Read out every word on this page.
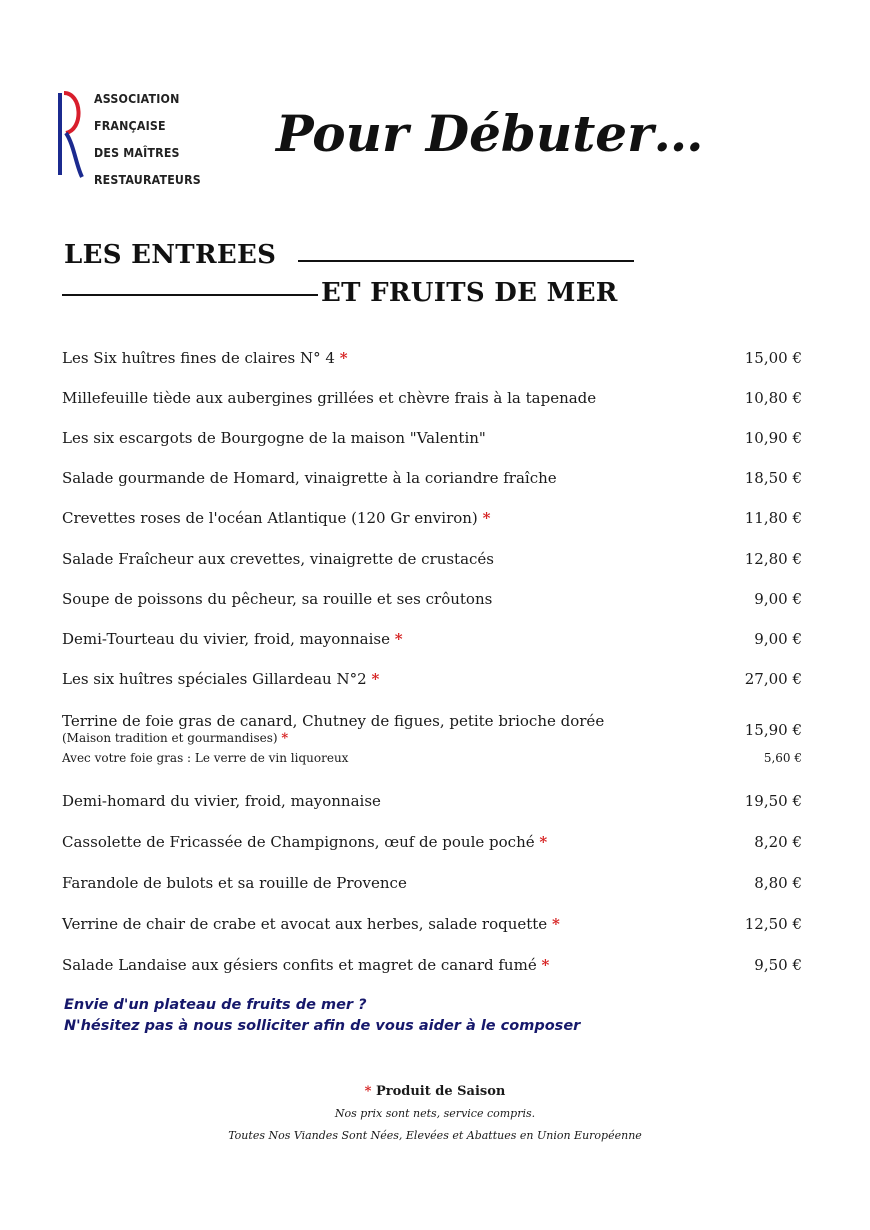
ASSOCIATION
FRANÇAISE
DES MAÎTRES
RESTAURATEURS
Pour Débuter…
LES ENTREES
ET FRUITS DE MER
Les Six huîtres fines de claires N° 4 *	15,00 €
Millefeuille tiède aux aubergines grillées et chèvre frais à la tapenade	10,80 €
Les six escargots de Bourgogne de la maison "Valentin"	10,90 €
Salade gourmande de Homard, vinaigrette à la coriandre fraîche	18,50 €
Crevettes roses de l'océan Atlantique (120 Gr environ) *	11,80 €
Salade Fraîcheur aux crevettes, vinaigrette de crustacés	12,80 €
Soupe de poissons du pêcheur, sa rouille et ses crôutons	9,00 €
Demi-Tourteau du vivier, froid, mayonnaise *	9,00 €
Les six huîtres spéciales Gillardeau N°2 *	27,00 €
Terrine de foie gras de canard, Chutney de figues, petite brioche dorée	15,90 €
(Maison tradition et gourmandises) *
Avec votre foie gras : Le verre de vin liquoreux	5,60 €
Demi-homard du vivier, froid, mayonnaise	19,50 €
Cassolette de Fricassée de Champignons, œuf de poule poché *	8,20 €
Farandole de bulots et sa rouille de Provence	8,80 €
Verrine de chair de crabe et avocat aux herbes, salade roquette *	12,50 €
Salade Landaise aux gésiers confits et magret de canard fumé *	9,50 €
Envie d'un plateau de fruits de mer ?
N'hésitez pas à nous solliciter afin de vous aider à le composer
* Produit de Saison
Nos prix sont nets, service compris.
Toutes Nos Viandes Sont Nées, Elevées et Abattues en Union Européenne
